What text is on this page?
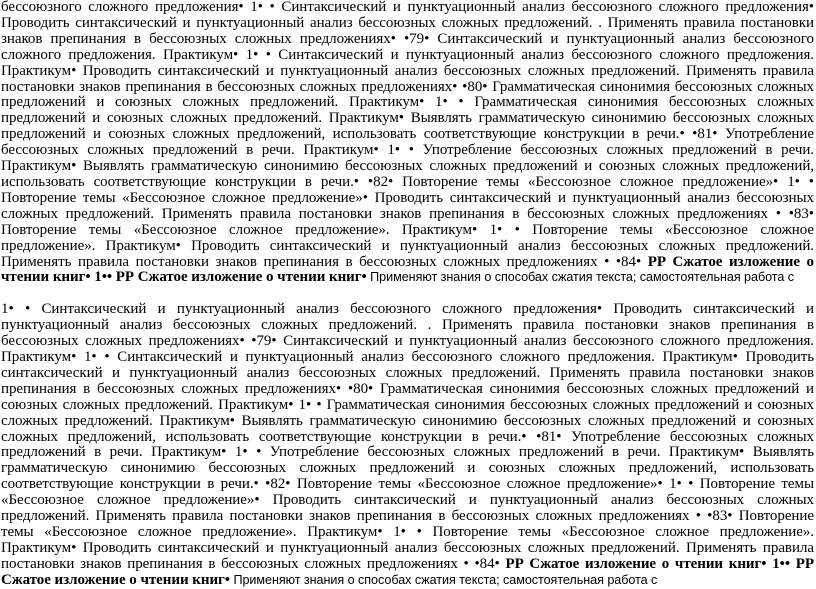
бессоюзного сложного предложения• 1• • Синтаксический и пунктуационный анализ бессоюзного сложного предложения• Проводить синтаксический и пунктуационный анализ бессоюзных сложных предложений. . Применять правила постановки знаков препинания в бессоюзных сложных предложениях• •79• Синтаксический и пунктуационный анализ бессоюзного сложного предложения. Практикум• 1• • Синтаксический и пунктуационный анализ бессоюзного сложного предложения. Практикум• Проводить синтаксический и пунктуационный анализ бессоюзных сложных предложений. Применять правила постановки знаков препинания в бессоюзных сложных предложениях• •80• Грамматическая синонимия бессоюзных сложных предложений и союзных сложных предложений. Практикум• 1• • Грамматическая синонимия бессоюзных сложных предложений и союзных сложных предложений. Практикум• Выявлять грамматическую синонимию бессоюзных сложных предложений и союзных сложных предложений, использовать соответствующие конструкции в речи.• •81• Употребление бессоюзных сложных предложений в речи. Практикум• 1• • Употребление бессоюзных сложных предложений в речи. Практикум• Выявлять грамматическую синонимию бессоюзных сложных предложений и союзных сложных предложений, использовать соответствующие конструкции в речи.• •82• Повторение темы «Бессоюзное сложное предложение»• 1• • Повторение темы «Бессоюзное сложное предложение»• Проводить синтаксический и пунктуационный анализ бессоюзных сложных предложений. Применять правила постановки знаков препинания в бессоюзных сложных предложениях • •83• Повторение темы «Бессоюзное сложное предложение». Практикум• 1• • Повторение темы «Бессоюзное сложное предложение». Практикум• Проводить синтаксический и пунктуационный анализ бессоюзных сложных предложений. Применять правила постановки знаков препинания в бессоюзных сложных предложениях • •84• РР Сжатое изложение о чтении книг• 1•• РР Сжатое изложение о чтении книг• Применяют знания о способах сжатия текста; самостоятельная работа с

1• • Синтаксический и пунктуационный анализ бессоюзного сложного предложения• Проводить синтаксический и пунктуационный анализ бессоюзных сложных предложений. . Применять правила постановки знаков препинания в бессоюзных сложных предложениях• •79• Синтаксический и пунктуационный анализ бессоюзного сложного предложения. Практикум• 1• • Синтаксический и пунктуационный анализ бессоюзного сложного предложения. Практикум• Проводить синтаксический и пунктуационный анализ бессоюзных сложных предложений. Применять правила постановки знаков препинания в бессоюзных сложных предложениях• •80• Грамматическая синонимия бессоюзных сложных предложений и союзных сложных предложений. Практикум• 1• • Грамматическая синонимия бессоюзных сложных предложений и союзных сложных предложений. Практикум• Выявлять грамматическую синонимию бессоюзных сложных предложений и союзных сложных предложений, использовать соответствующие конструкции в речи.• •81• Употребление бессоюзных сложных предложений в речи. Практикум• 1• • Употребление бессоюзных сложных предложений в речи. Практикум• Выявлять грамматическую синонимию бессоюзных сложных предложений и союзных сложных предложений, использовать соответствующие конструкции в речи.• •82• Повторение темы «Бессоюзное сложное предложение»• 1• • Повторение темы «Бессоюзное сложное предложение»• Проводить синтаксический и пунктуационный анализ бессоюзных сложных предложений. Применять правила постановки знаков препинания в бессоюзных сложных предложениях • •83• Повторение темы «Бессоюзное сложное предложение». Практикум• 1• • Повторение темы «Бессоюзное сложное предложение». Практикум• Проводить синтаксический и пунктуационный анализ бессоюзных сложных предложений. Применять правила постановки знаков препинания в бессоюзных сложных предложениях • •84• РР Сжатое изложение о чтении книг• 1•• РР Сжатое изложение о чтении книг• Применяют знания о способах сжатия текста; самостоятельная работа с
